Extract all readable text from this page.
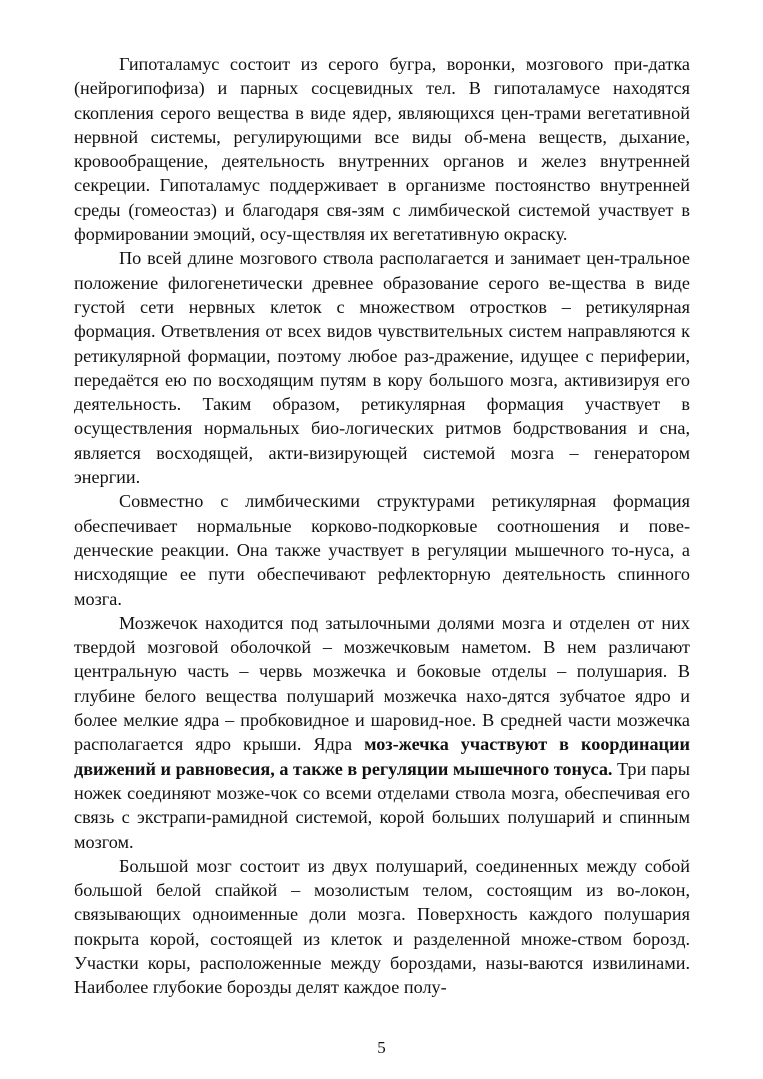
Гипоталамус состоит из серого бугра, воронки, мозгового при-датка (нейрогипофиза) и парных сосцевидных тел. В гипоталамусе находятся скопления серого вещества в виде ядер, являющихся цен-трами вегетативной нервной системы, регулирующими все виды об-мена веществ, дыхание, кровообращение, деятельность внутренних органов и желез внутренней секреции. Гипоталамус поддерживает в организме постоянство внутренней среды (гомеостаз) и благодаря свя-зям с лимбической системой участвует в формировании эмоций, осу-ществляя их вегетативную окраску.

По всей длине мозгового ствола располагается и занимает цен-тральное положение филогенетически древнее образование серого ве-щества в виде густой сети нервных клеток с множеством отростков – ретикулярная формация. Ответвления от всех видов чувствительных систем направляются к ретикулярной формации, поэтому любое раз-дражение, идущее с периферии, передаётся ею по восходящим путям в кору большого мозга, активизируя его деятельность. Таким образом, ретикулярная формация участвует в осуществления нормальных био-логических ритмов бодрствования и сна, является восходящей, акти-визирующей системой мозга – генератором энергии.

Совместно с лимбическими структурами ретикулярная формация обеспечивает нормальные корково-подкорковые соотношения и пове-денческие реакции. Она также участвует в регуляции мышечного то-нуса, а нисходящие ее пути обеспечивают рефлекторную деятельность спинного мозга.

Мозжечок находится под затылочными долями мозга и отделен от них твердой мозговой оболочкой – мозжечковым наметом. В нем различают центральную часть – червь мозжечка и боковые отделы – полушария. В глубине белого вещества полушарий мозжечка нахо-дятся зубчатое ядро и более мелкие ядра – пробковидное и шаровид-ное. В средней части мозжечка располагается ядро крыши. Ядра моз-жечка участвуют в координации движений и равновесия, а также в регуляции мышечного тонуса. Три пары ножек соединяют мозже-чок со всеми отделами ствола мозга, обеспечивая его связь с экстрапи-рамидной системой, корой больших полушарий и спинным мозгом.

Большой мозг состоит из двух полушарий, соединенных между собой большой белой спайкой – мозолистым телом, состоящим из во-локон, связывающих одноименные доли мозга. Поверхность каждого полушария покрыта корой, состоящей из клеток и разделенной множе-ством борозд. Участки коры, расположенные между бороздами, назы-ваются извилинами. Наиболее глубокие борозды делят каждое полу-

5
